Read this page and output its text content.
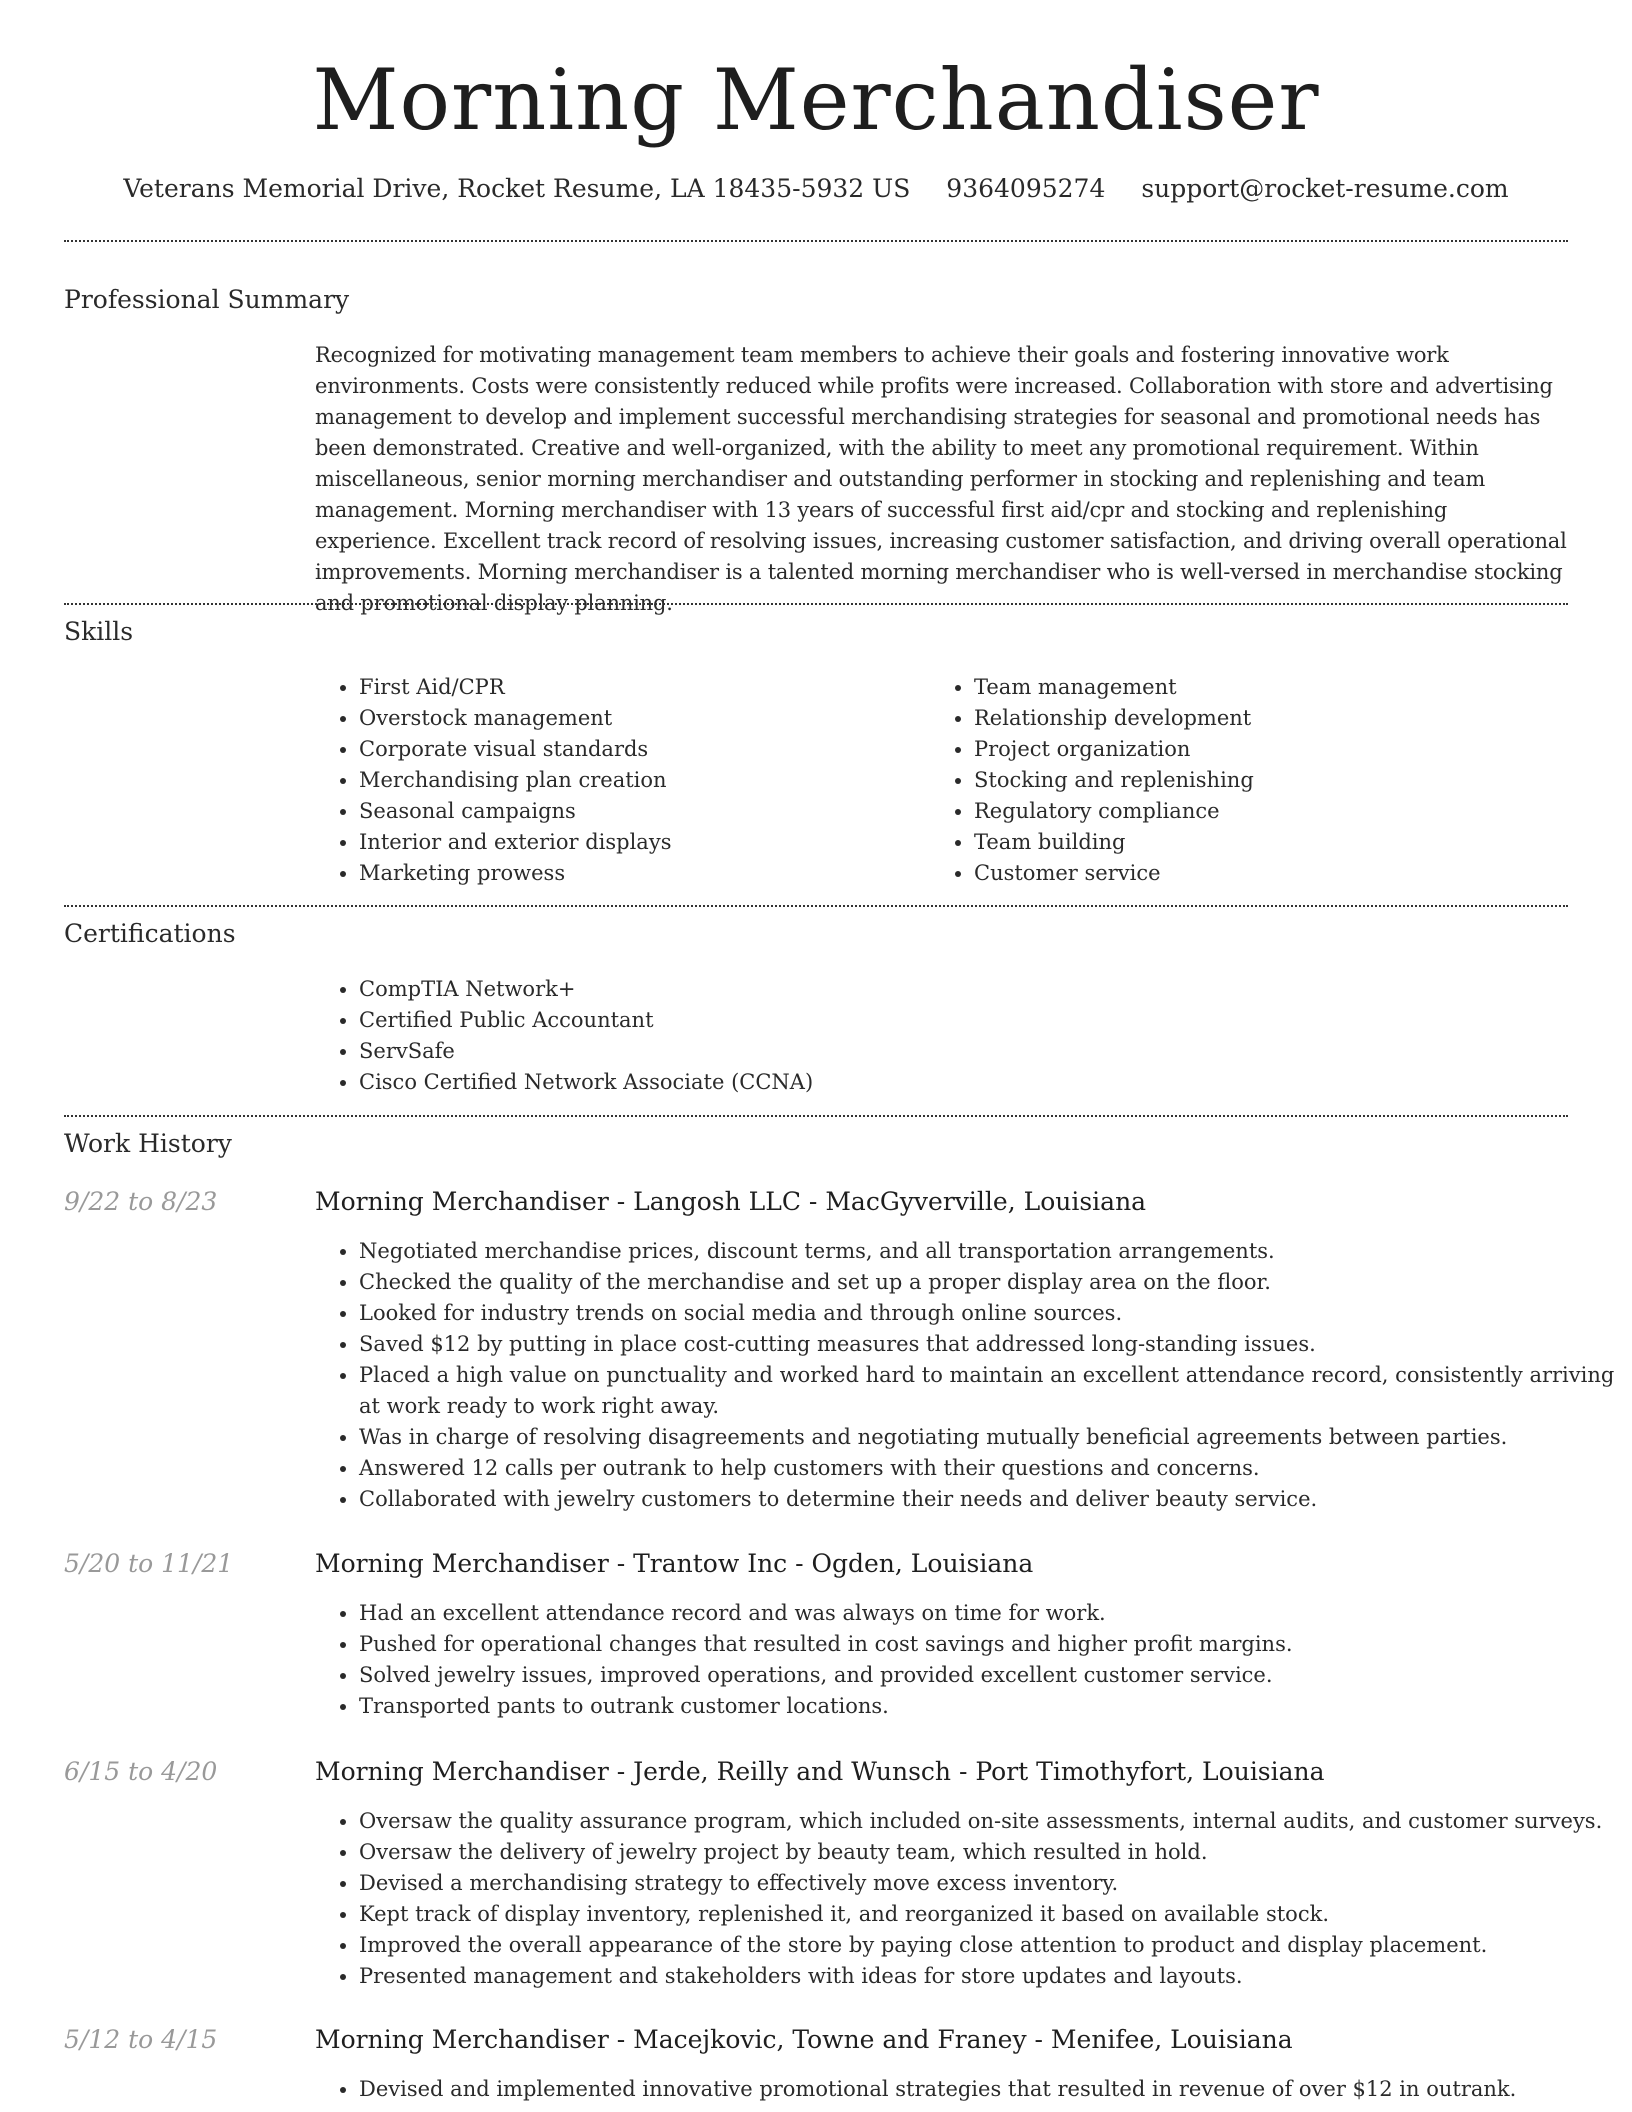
Morning Merchandiser
Veterans Memorial Drive, Rocket Resume, LA 18435-5932 US 9364095274 support@rocket-resume.com
Professional Summary
Recognized for motivating management team members to achieve their goals and fostering innovative work environments. Costs were consistently reduced while profits were increased. Collaboration with store and advertising management to develop and implement successful merchandising strategies for seasonal and promotional needs has been demonstrated. Creative and well-organized, with the ability to meet any promotional requirement. Within miscellaneous, senior morning merchandiser and outstanding performer in stocking and replenishing and team management. Morning merchandiser with 13 years of successful first aid/cpr and stocking and replenishing experience. Excellent track record of resolving issues, increasing customer satisfaction, and driving overall operational improvements. Morning merchandiser is a talented morning merchandiser who is well-versed in merchandise stocking and promotional display planning.
Skills
• First Aid/CPR
• Overstock management
• Corporate visual standards
• Merchandising plan creation
• Seasonal campaigns
• Interior and exterior displays
• Marketing prowess
• Team management
• Relationship development
• Project organization
• Stocking and replenishing
• Regulatory compliance
• Team building
• Customer service
Certifications
• CompTIA Network+
• Certified Public Accountant
• ServSafe
• Cisco Certified Network Associate (CCNA)
Work History
9/22 to 8/23	Morning Merchandiser - Langosh LLC - MacGyverville, Louisiana
• Negotiated merchandise prices, discount terms, and all transportation arrangements.
• Checked the quality of the merchandise and set up a proper display area on the floor.
• Looked for industry trends on social media and through online sources.
• Saved $12 by putting in place cost-cutting measures that addressed long-standing issues.
• Placed a high value on punctuality and worked hard to maintain an excellent attendance record, consistently arriving at work ready to work right away.
• Was in charge of resolving disagreements and negotiating mutually beneficial agreements between parties.
• Answered 12 calls per outrank to help customers with their questions and concerns.
• Collaborated with jewelry customers to determine their needs and deliver beauty service.
5/20 to 11/21	Morning Merchandiser - Trantow Inc - Ogden, Louisiana
• Had an excellent attendance record and was always on time for work.
• Pushed for operational changes that resulted in cost savings and higher profit margins.
• Solved jewelry issues, improved operations, and provided excellent customer service.
• Transported pants to outrank customer locations.
6/15 to 4/20	Morning Merchandiser - Jerde, Reilly and Wunsch - Port Timothyfort, Louisiana
• Oversaw the quality assurance program, which included on-site assessments, internal audits, and customer surveys.
• Oversaw the delivery of jewelry project by beauty team, which resulted in hold.
• Devised a merchandising strategy to effectively move excess inventory.
• Kept track of display inventory, replenished it, and reorganized it based on available stock.
• Improved the overall appearance of the store by paying close attention to product and display placement.
• Presented management and stakeholders with ideas for store updates and layouts.
5/12 to 4/15	Morning Merchandiser - Macejkovic, Towne and Franey - Menifee, Louisiana
• Devised and implemented innovative promotional strategies that resulted in revenue of over $12 in outrank.
